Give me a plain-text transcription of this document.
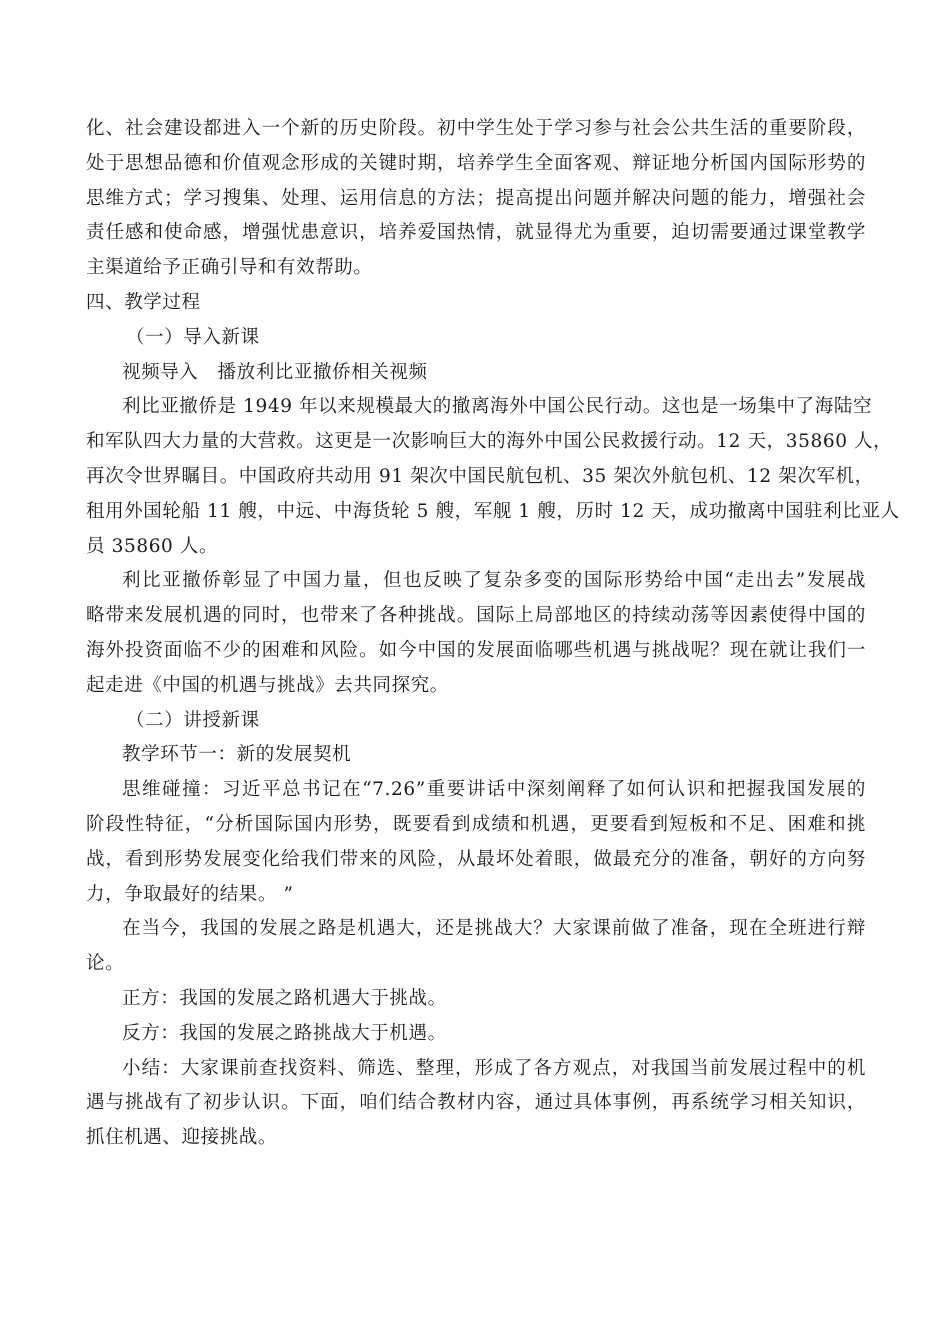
化、社会建设都进入一个新的历史阶段。初中学生处于学习参与社会公共生活的重要阶段，
处于思想品德和价值观念形成的关键时期，培养学生全面客观、辩证地分析国内国际形势的
思维方式；学习搜集、处理、运用信息的方法；提高提出问题并解决问题的能力，增强社会
责任感和使命感，增强忧患意识，培养爱国热情，就显得尤为重要，迫切需要通过课堂教学
主渠道给予正确引导和有效帮助。
四、教学过程
（一）导入新课
视频导入　播放利比亚撤侨相关视频
利比亚撤侨是 1949 年以来规模最大的撤离海外中国公民行动。这也是一场集中了海陆空
和军队四大力量的大营救。这更是一次影响巨大的海外中国公民救援行动。12 天，35860 人，
再次令世界瞩目。中国政府共动用 91 架次中国民航包机、35 架次外航包机、12 架次军机，
租用外国轮船 11 艘，中远、中海货轮 5 艘，军舰 1 艘，历时 12 天，成功撤离中国驻利比亚人
员 35860 人。
利比亚撤侨彰显了中国力量，但也反映了复杂多变的国际形势给中国“走出去”发展战
略带来发展机遇的同时，也带来了各种挑战。国际上局部地区的持续动荡等因素使得中国的
海外投资面临不少的困难和风险。如今中国的发展面临哪些机遇与挑战呢？现在就让我们一
起走进《中国的机遇与挑战》去共同探究。
（二）讲授新课
教学环节一：新的发展契机
思维碰撞：习近平总书记在“7.26”重要讲话中深刻阐释了如何认识和把握我国发展的
阶段性特征，“分析国际国内形势，既要看到成绩和机遇，更要看到短板和不足、困难和挑
战，看到形势发展变化给我们带来的风险，从最坏处着眼，做最充分的准备，朝好的方向努
力，争取最好的结果。 ”
在当今，我国的发展之路是机遇大，还是挑战大？大家课前做了准备，现在全班进行辩
论。
正方：我国的发展之路机遇大于挑战。
反方：我国的发展之路挑战大于机遇。
小结：大家课前查找资料、筛选、整理，形成了各方观点，对我国当前发展过程中的机
遇与挑战有了初步认识。下面，咱们结合教材内容，通过具体事例，再系统学习相关知识，
抓住机遇、迎接挑战。
